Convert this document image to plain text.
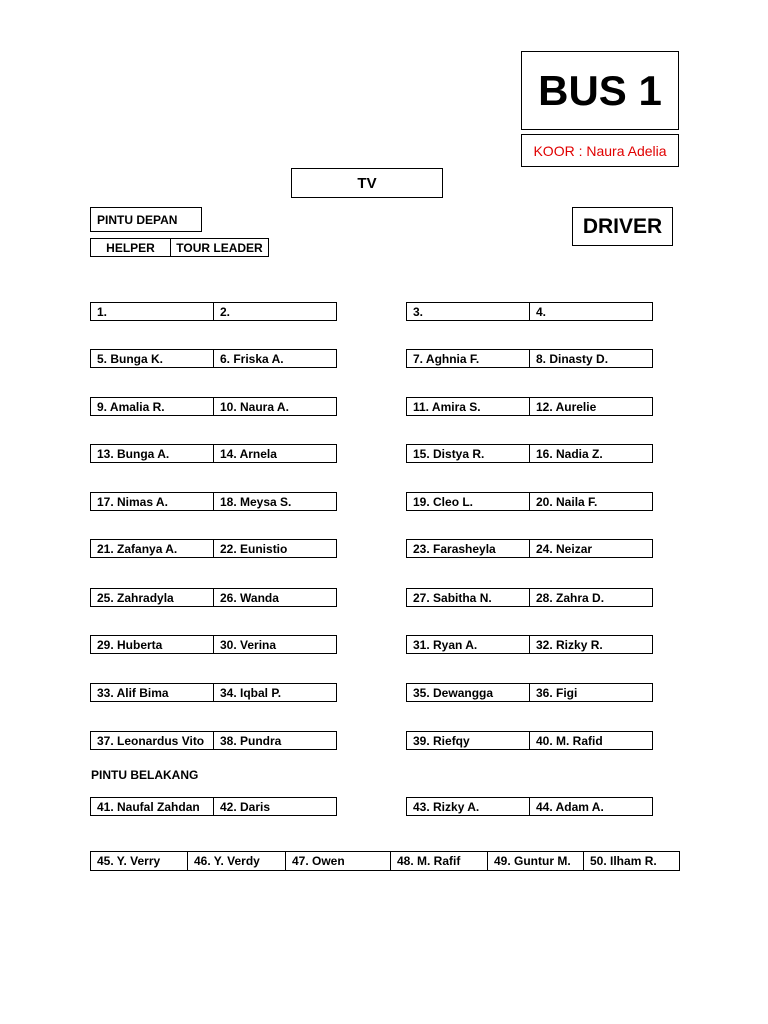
BUS 1
KOOR : Naura Adelia
TV
DRIVER
PINTU DEPAN
HELPER	TOUR LEADER
1.	2.	3.	4.
5. Bunga K.	6. Friska A.	7. Aghnia F.	8. Dinasty D.
9. Amalia R.	10. Naura A.	11. Amira S.	12. Aurelie
13. Bunga A.	14. Arnela	15. Distya R.	16. Nadia Z.
17. Nimas A.	18. Meysa S.	19. Cleo L.	20. Naila F.
21. Zafanya A.	22. Eunistio	23. Farasheyla	24. Neizar
25. Zahradyla	26. Wanda	27. Sabitha N.	28. Zahra D.
29. Huberta	30. Verina	31. Ryan A.	32. Rizky R.
33. Alif Bima	34. Iqbal P.	35. Dewangga	36. Figi
37. Leonardus Vito	38. Pundra	39. Riefqy	40. M. Rafid
PINTU BELAKANG
41. Naufal Zahdan	42. Daris	43. Rizky A.	44. Adam A.
45. Y. Verry	46. Y. Verdy	47. Owen	48. M. Rafif	49. Guntur M.	50. Ilham R.
